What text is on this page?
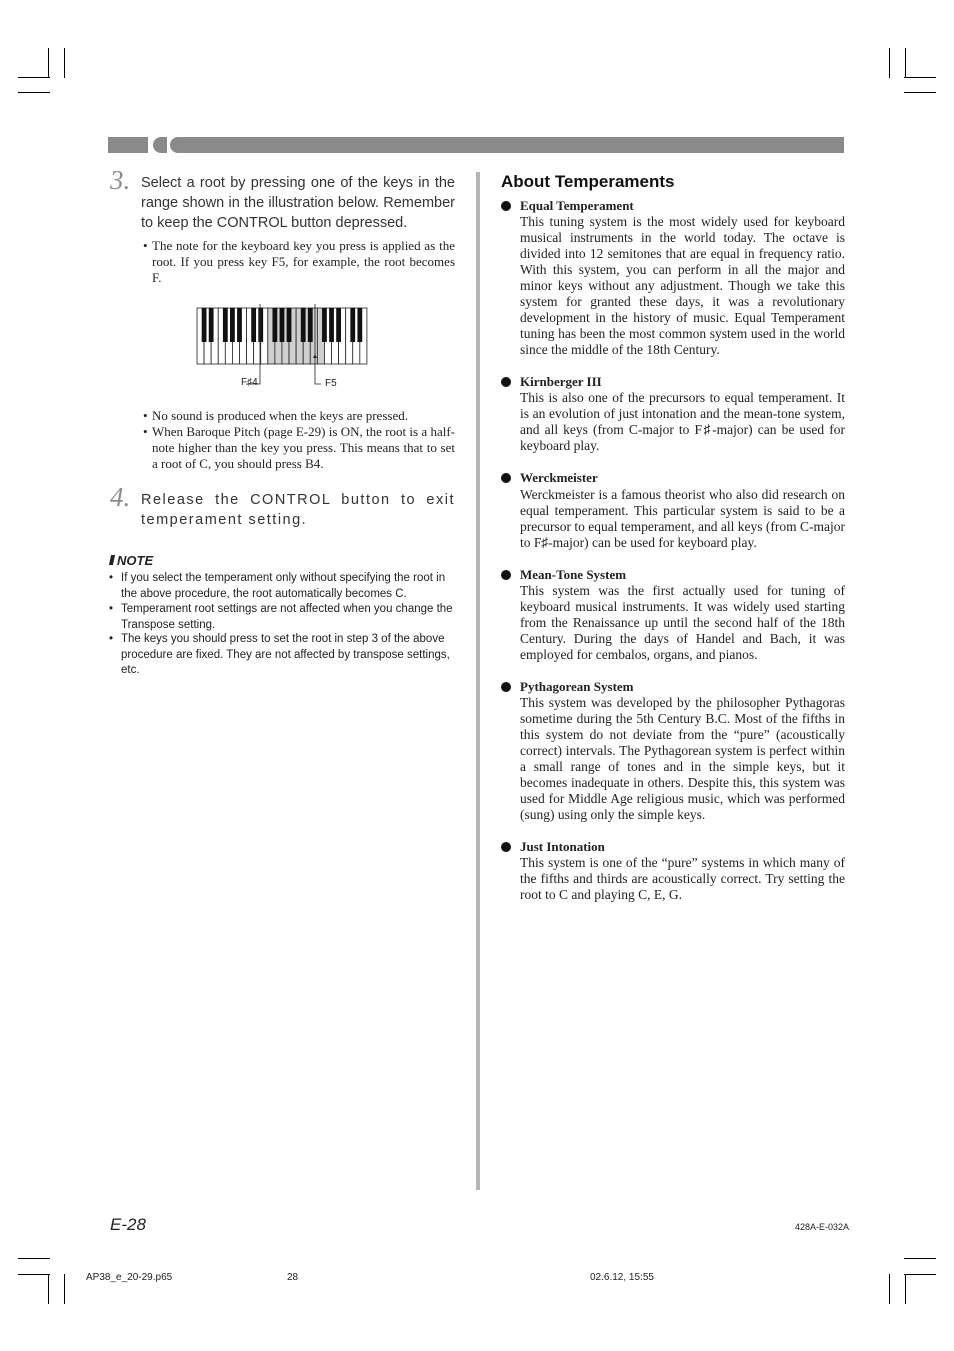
3. Select a root by pressing one of the keys in the range shown in the illustration below. Remember to keep the CONTROL button depressed.
• The note for the keyboard key you press is applied as the root. If you press key F5, for example, the root becomes F.
F♯4	F5
• No sound is produced when the keys are pressed.
• When Baroque Pitch (page E-29) is ON, the root is a half-note higher than the key you press. This means that to set a root of C, you should press B4.
4. Release the CONTROL button to exit temperament setting.
NOTE
• If you select the temperament only without specifying the root in the above procedure, the root automatically becomes C.
• Temperament root settings are not affected when you change the Transpose setting.
• The keys you should press to set the root in step 3 of the above procedure are fixed. They are not affected by transpose settings, etc.
About Temperaments
Equal Temperament
This tuning system is the most widely used for keyboard musical instruments in the world today. The octave is divided into 12 semitones that are equal in frequency ratio. With this system, you can perform in all the major and minor keys without any adjustment. Though we take this system for granted these days, it was a revolutionary development in the history of music. Equal Temperament tuning has been the most common system used in the world since the middle of the 18th Century.
Kirnberger III
This is also one of the precursors to equal temperament. It is an evolution of just intonation and the mean-tone system, and all keys (from C-major to F♯-major) can be used for keyboard play.
Werckmeister
Werckmeister is a famous theorist who also did research on equal temperament. This particular system is said to be a precursor to equal temperament, and all keys (from C-major to F♯-major) can be used for keyboard play.
Mean-Tone System
This system was the first actually used for tuning of keyboard musical instruments. It was widely used starting from the Renaissance up until the second half of the 18th Century. During the days of Handel and Bach, it was employed for cembalos, organs, and pianos.
Pythagorean System
This system was developed by the philosopher Pythagoras sometime during the 5th Century B.C. Most of the fifths in this system do not deviate from the “pure” (acoustically correct) intervals. The Pythagorean system is perfect within a small range of tones and in the simple keys, but it becomes inadequate in others. Despite this, this system was used for Middle Age religious music, which was performed (sung) using only the simple keys.
Just Intonation
This system is one of the “pure” systems in which many of the fifths and thirds are acoustically correct. Try setting the root to C and playing C, E, G.
E-28	428A-E-032A
AP38_e_20-29.p65	28	02.6.12, 15:55
